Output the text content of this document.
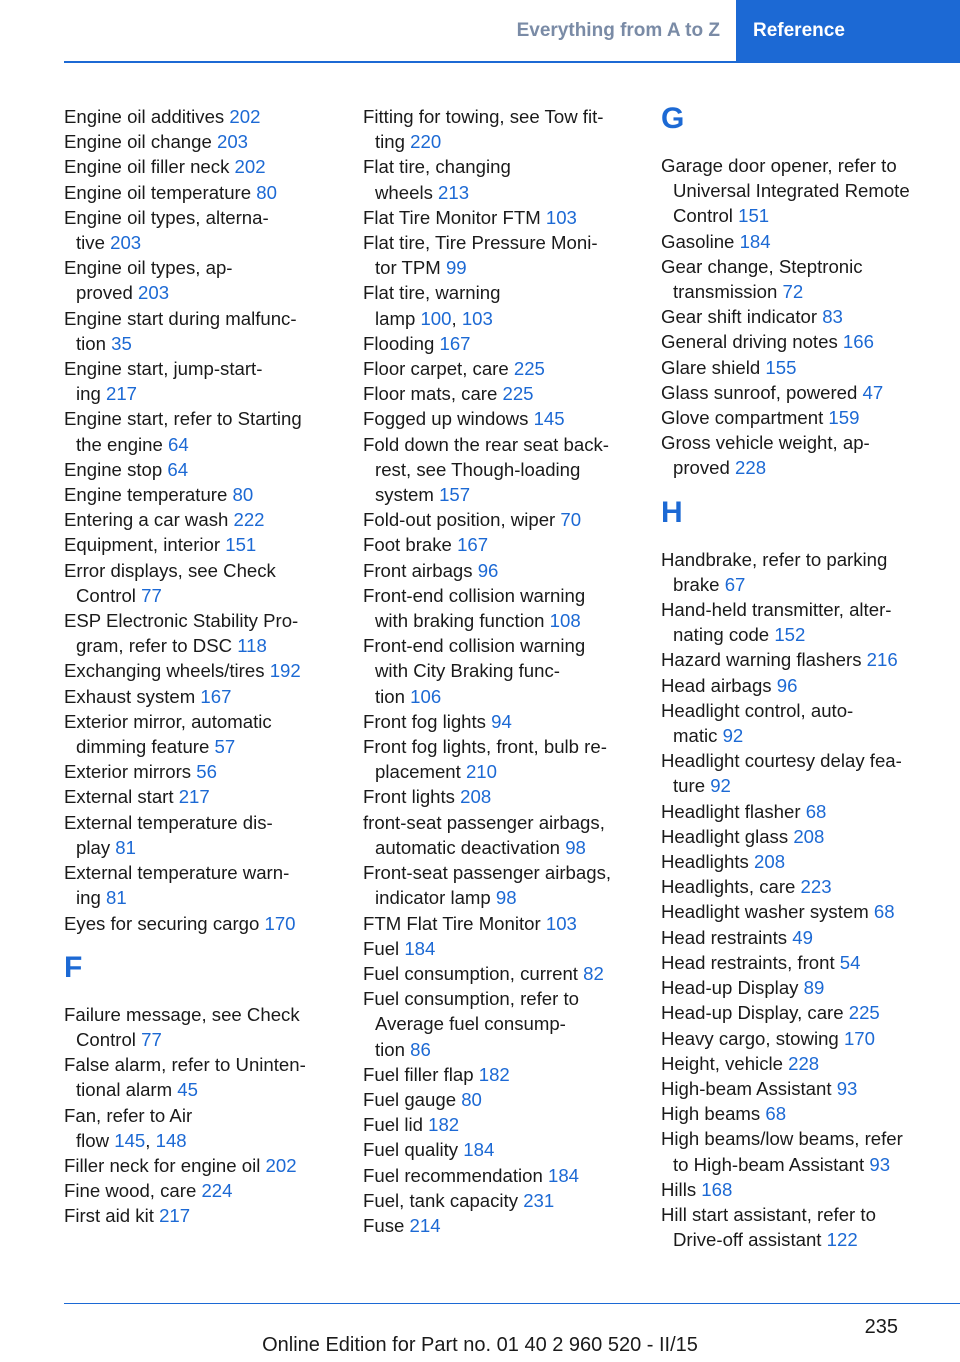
Everything from A to Z	Reference
Engine oil additives 202
Engine oil change 203
Engine oil filler neck 202
Engine oil temperature 80
Engine oil types, alterna-
tive 203
Engine oil types, ap-
proved 203
Engine start during malfunc-
tion 35
Engine start, jump-start-
ing 217
Engine start, refer to Starting
the engine 64
Engine stop 64
Engine temperature 80
Entering a car wash 222
Equipment, interior 151
Error displays, see Check
Control 77
ESP Electronic Stability Pro-
gram, refer to DSC 118
Exchanging wheels/tires 192
Exhaust system 167
Exterior mirror, automatic
dimming feature 57
Exterior mirrors 56
External start 217
External temperature dis-
play 81
External temperature warn-
ing 81
Eyes for securing cargo 170
F
Failure message, see Check
Control 77
False alarm, refer to Uninten-
tional alarm 45
Fan, refer to Air
flow 145, 148
Filler neck for engine oil 202
Fine wood, care 224
First aid kit 217
Fitting for towing, see Tow fit-
ting 220
Flat tire, changing
wheels 213
Flat Tire Monitor FTM 103
Flat tire, Tire Pressure Moni-
tor TPM 99
Flat tire, warning
lamp 100, 103
Flooding 167
Floor carpet, care 225
Floor mats, care 225
Fogged up windows 145
Fold down the rear seat back-
rest, see Though-loading
system 157
Fold-out position, wiper 70
Foot brake 167
Front airbags 96
Front-end collision warning
with braking function 108
Front-end collision warning
with City Braking func-
tion 106
Front fog lights 94
Front fog lights, front, bulb re-
placement 210
Front lights 208
front-seat passenger airbags,
automatic deactivation 98
Front-seat passenger airbags,
indicator lamp 98
FTM Flat Tire Monitor 103
Fuel 184
Fuel consumption, current 82
Fuel consumption, refer to
Average fuel consump-
tion 86
Fuel filler flap 182
Fuel gauge 80
Fuel lid 182
Fuel quality 184
Fuel recommendation 184
Fuel, tank capacity 231
Fuse 214
G
Garage door opener, refer to
Universal Integrated Remote
Control 151
Gasoline 184
Gear change, Steptronic
transmission 72
Gear shift indicator 83
General driving notes 166
Glare shield 155
Glass sunroof, powered 47
Glove compartment 159
Gross vehicle weight, ap-
proved 228
H
Handbrake, refer to parking
brake 67
Hand-held transmitter, alter-
nating code 152
Hazard warning flashers 216
Head airbags 96
Headlight control, auto-
matic 92
Headlight courtesy delay fea-
ture 92
Headlight flasher 68
Headlight glass 208
Headlights 208
Headlights, care 223
Headlight washer system 68
Head restraints 49
Head restraints, front 54
Head-up Display 89
Head-up Display, care 225
Heavy cargo, stowing 170
Height, vehicle 228
High-beam Assistant 93
High beams 68
High beams/low beams, refer
to High-beam Assistant 93
Hills 168
Hill start assistant, refer to
Drive-off assistant 122
235
Online Edition for Part no. 01 40 2 960 520 - II/15
